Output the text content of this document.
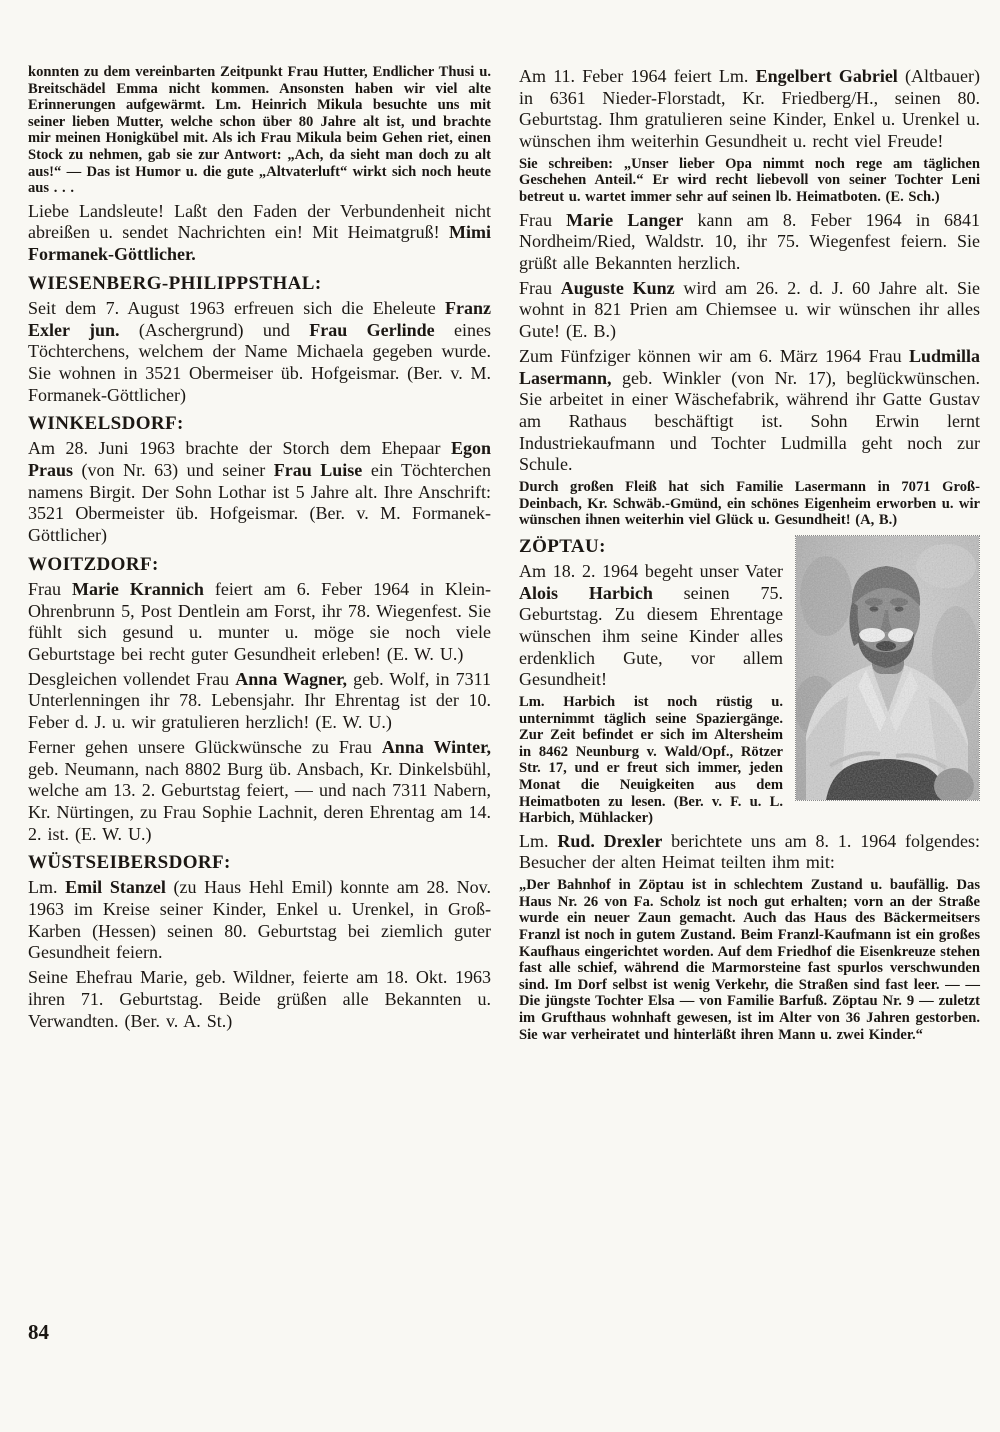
konnten zu dem vereinbarten Zeitpunkt Frau Hutter, Endlicher Thusi u. Breitschädel Emma nicht kommen. Ansonsten haben wir viel alte Erinnerungen aufgewärmt. Lm. Heinrich Mikula besuchte uns mit seiner lieben Mutter, welche schon über 80 Jahre alt ist, und brachte mir meinen Honigkübel mit. Als ich Frau Mikula beim Gehen riet, einen Stock zu nehmen, gab sie zur Antwort: „Ach, da sieht man doch zu alt aus!“ — Das ist Humor u. die gute „Altvaterluft“ wirkt sich noch heute aus . . .

Liebe Landsleute! Laßt den Faden der Verbundenheit nicht abreißen u. sendet Nachrichten ein! Mit Heimatgruß! Mimi Formanek-Göttlicher.

WIESENBERG-PHILIPPSTHAL:

Seit dem 7. August 1963 erfreuen sich die Eheleute Franz Exler jun. (Aschergrund) und Frau Gerlinde eines Töchterchens, welchem der Name Michaela gegeben wurde. Sie wohnen in 3521 Obermeiser üb. Hofgeismar. (Ber. v. M. Formanek-Göttlicher)

WINKELSDORF:

Am 28. Juni 1963 brachte der Storch dem Ehepaar Egon Praus (von Nr. 63) und seiner Frau Luise ein Töchterchen namens Birgit. Der Sohn Lothar ist 5 Jahre alt. Ihre Anschrift: 3521 Obermeister üb. Hofgeismar. (Ber. v. M. Formanek-Göttlicher)

WOITZDORF:

Frau Marie Krannich feiert am 6. Feber 1964 in Klein-Ohrenbrunn 5, Post Dentlein am Forst, ihr 78. Wiegenfest. Sie fühlt sich gesund u. munter u. möge sie noch viele Geburtstage bei recht guter Gesundheit erleben! (E. W. U.)

Desgleichen vollendet Frau Anna Wagner, geb. Wolf, in 7311 Unterlenningen ihr 78. Lebensjahr. Ihr Ehrentag ist der 10. Feber d. J. u. wir gratulieren herzlich! (E. W. U.)

Ferner gehen unsere Glückwünsche zu Frau Anna Winter, geb. Neumann, nach 8802 Burg üb. Ansbach, Kr. Dinkelsbühl, welche am 13. 2. Geburtstag feiert, — und nach 7311 Nabern, Kr. Nürtingen, zu Frau Sophie Lachnit, deren Ehrentag am 14. 2. ist. (E. W. U.)

WÜSTSEIBERSDORF:

Lm. Emil Stanzel (zu Haus Hehl Emil) konnte am 28. Nov. 1963 im Kreise seiner Kinder, Enkel u. Urenkel, in Groß-Karben (Hessen) seinen 80. Geburtstag bei ziemlich guter Gesundheit feiern.

Seine Ehefrau Marie, geb. Wildner, feierte am 18. Okt. 1963 ihren 71. Geburtstag. Beide grüßen alle Bekannten u. Verwandten. (Ber. v. A. St.)

Am 11. Feber 1964 feiert Lm. Engelbert Gabriel (Altbauer) in 6361 Nieder-Florstadt, Kr. Friedberg/H., seinen 80. Geburtstag. Ihm gratulieren seine Kinder, Enkel u. Urenkel u. wünschen ihm weiterhin Gesundheit u. recht viel Freude!

Sie schreiben: „Unser lieber Opa nimmt noch rege am täglichen Geschehen Anteil.“ Er wird recht liebevoll von seiner Tochter Leni betreut u. wartet immer sehr auf seinen lb. Heimatboten. (E. Sch.)

Frau Marie Langer kann am 8. Feber 1964 in 6841 Nordheim/Ried, Waldstr. 10, ihr 75. Wiegenfest feiern. Sie grüßt alle Bekannten herzlich.

Frau Auguste Kunz wird am 26. 2. d. J. 60 Jahre alt. Sie wohnt in 821 Prien am Chiemsee u. wir wünschen ihr alles Gute! (E. B.)

Zum Fünfziger können wir am 6. März 1964 Frau Ludmilla Lasermann, geb. Winkler (von Nr. 17), beglückwünschen. Sie arbeitet in einer Wäschefabrik, während ihr Gatte Gustav am Rathaus beschäftigt ist. Sohn Erwin lernt Industriekaufmann und Tochter Ludmilla geht noch zur Schule.

Durch großen Fleiß hat sich Familie Lasermann in 7071 Groß-Deinbach, Kr. Schwäb.-Gmünd, ein schönes Eigenheim erworben u. wir wünschen ihnen weiterhin viel Glück u. Gesundheit! (A, B.)

ZÖPTAU:

Am 18. 2. 1964 begeht unser Vater Alois Harbich seinen 75. Geburtstag. Zu diesem Ehrentage wünschen ihm seine Kinder alles erdenklich Gute, vor allem Gesundheit!

Lm. Harbich ist noch rüstig u. unternimmt täglich seine Spaziergänge. Zur Zeit befindet er sich im Altersheim in 8462 Neunburg v. Wald/Opf., Rötzer Str. 17, und er freut sich immer, jeden Monat die Neuigkeiten aus dem Heimatboten zu lesen. (Ber. v. F. u. L. Harbich, Mühlacker)

Lm. Rud. Drexler berichtete uns am 8. 1. 1964 folgendes: Besucher der alten Heimat teilten ihm mit:

„Der Bahnhof in Zöptau ist in schlechtem Zustand u. baufällig. Das Haus Nr. 26 von Fa. Scholz ist noch gut erhalten; vorn an der Straße wurde ein neuer Zaun gemacht. Auch das Haus des Bäckermeitsers Franzl ist noch in gutem Zustand. Beim Franzl-Kaufmann ist ein großes Kaufhaus eingerichtet worden. Auf dem Friedhof die Eisenkreuze stehen fast alle schief, während die Marmorsteine fast spurlos verschwunden sind. Im Dorf selbst ist wenig Verkehr, die Straßen sind fast leer. — — Die jüngste Tochter Elsa — von Familie Barfuß. Zöptau Nr. 9 — zuletzt im Grufthaus wohnhaft gewesen, ist im Alter von 36 Jahren gestorben. Sie war verheiratet und hinterläßt ihren Mann u. zwei Kinder.“

84
